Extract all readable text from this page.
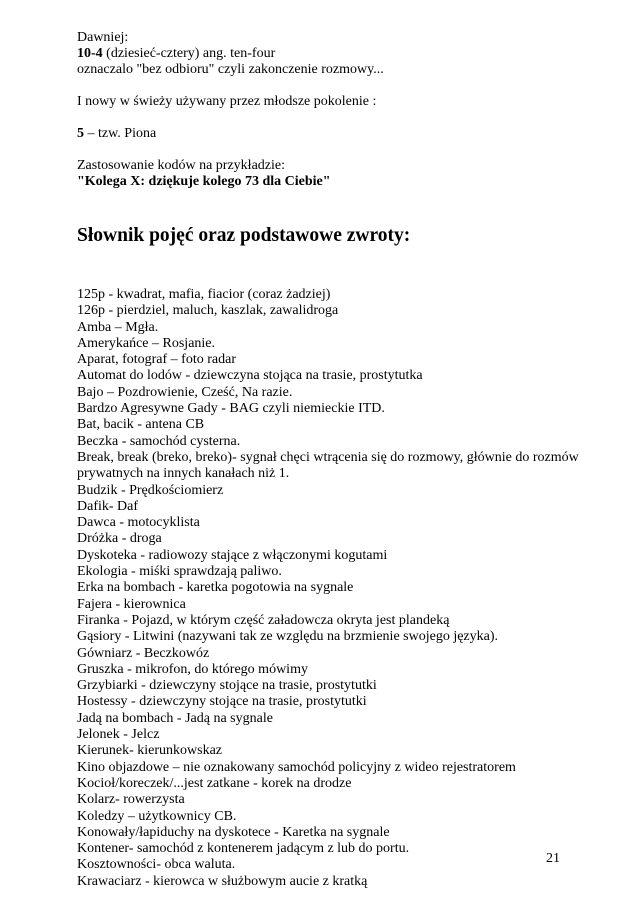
Dawniej:
10-4 (dziesieć-cztery) ang. ten-four
oznaczalo "bez odbioru" czyli zakonczenie rozmowy...
I nowy w świeży używany przez młodsze pokolenie :
5 – tzw. Piona
Zastosowanie kodów na przykładzie:
"Kolega X: dziękuje kolego 73 dla Ciebie"
Słownik pojęć oraz podstawowe zwroty:
125p - kwadrat, mafia, fiacior (coraz żadziej)
126p - pierdziel, maluch, kaszlak, zawalidroga
Amba – Mgła.
Amerykańce – Rosjanie.
Aparat, fotograf – foto radar
Automat do lodów - dziewczyna stojąca na trasie, prostytutka
Bajo – Pozdrowienie, Cześć, Na razie.
Bardzo Agresywne Gady - BAG czyli niemieckie ITD.
Bat, bacik - antena CB
Beczka - samochód cysterna.
Break, break (breko, breko)- sygnał chęci wtrącenia się do rozmowy, głównie do rozmów
prywatnych na innych kanałach niż 1.
Budzik - Prędkościomierz
Dafik- Daf
Dawca - motocyklista
Dróżka - droga
Dyskoteka - radiowozy stające z włączonymi kogutami
Ekologia - miśki sprawdzają paliwo.
Erka na bombach - karetka pogotowia na sygnale
Fajera - kierownica
Firanka - Pojazd, w którym część załadowcza okryta jest plandeką
Gąsiory - Litwini (nazywani tak ze względu na brzmienie swojego języka).
Gówniarz - Beczkowóz
Gruszka - mikrofon, do którego mówimy
Grzybiarki - dziewczyny stojące na trasie, prostytutki
Hostessy - dziewczyny stojące na trasie, prostytutki
Jadą na bombach - Jadą na sygnale
Jelonek - Jelcz
Kierunek- kierunkowskaz
Kino objazdowe – nie oznakowany samochód policyjny z wideo rejestratorem
Kocioł/koreczek/...jest zatkane - korek na drodze
Kolarz- rowerzysta
Koledzy – użytkownicy CB.
Konowały/łapiduchy na dyskotece - Karetka na sygnale
Kontener- samochód z kontenerem jadącym z lub do portu.
Kosztowności- obca waluta.
Krawaciarz - kierowca w służbowym aucie z kratką
21
